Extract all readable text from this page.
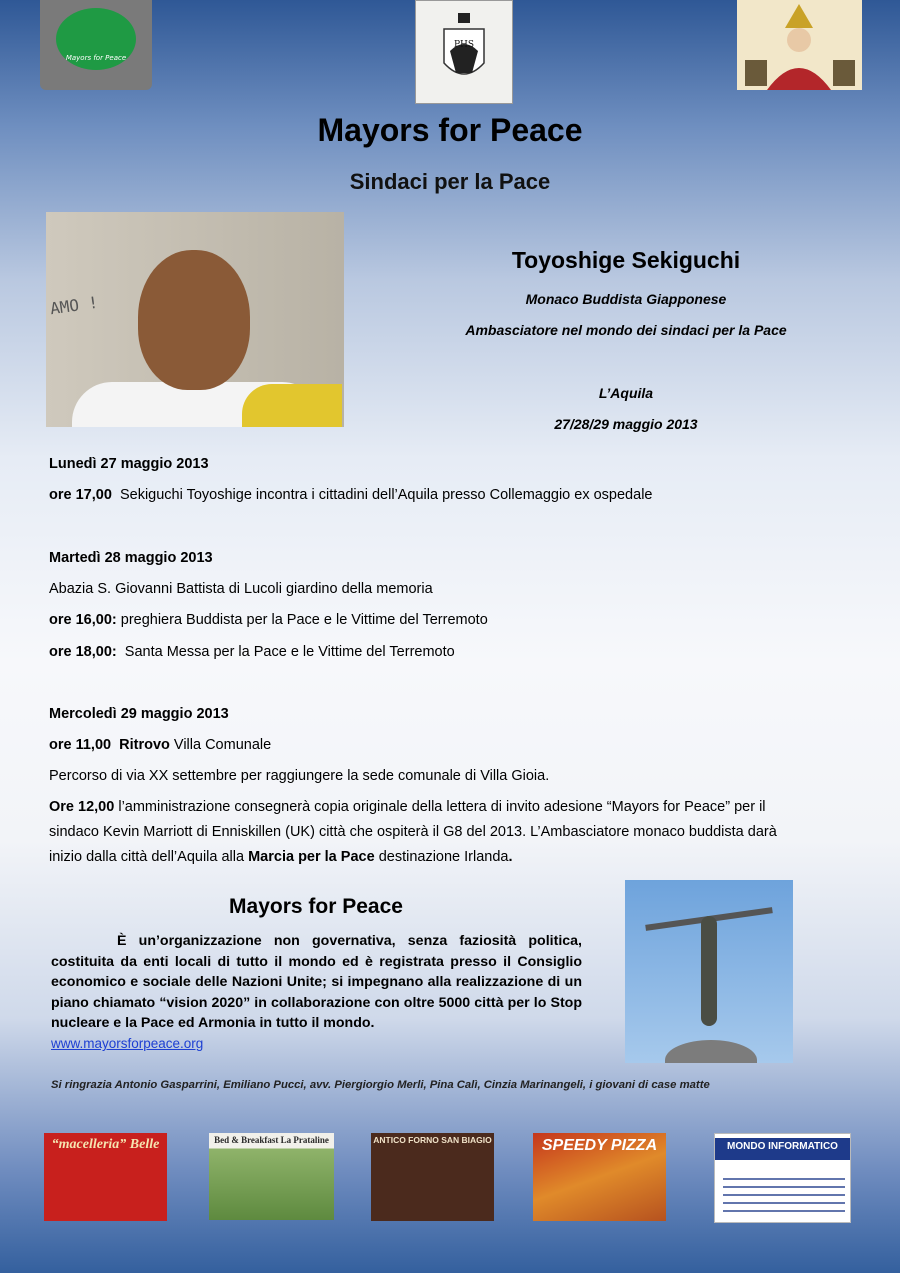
Mayors for Peace
PHS
Mayors for Peace
Sindaci per la Pace
AMO !
Toyoshige Sekiguchi
Monaco Buddista Giapponese
Ambasciatore nel mondo dei sindaci per la Pace
L’Aquila
27/28/29 maggio 2013
Lunedì 27 maggio 2013
ore 17,00 Sekiguchi Toyoshige incontra i cittadini dell’Aquila presso Collemaggio ex ospedale
Martedì 28 maggio 2013
Abazia S. Giovanni Battista di Lucoli giardino della memoria
ore 16,00: preghiera Buddista per la Pace e le Vittime del Terremoto
ore 18,00: Santa Messa per la Pace e le Vittime del Terremoto
Mercoledì 29 maggio 2013
ore 11,00 Ritrovo Villa Comunale
Percorso di via XX settembre per raggiungere la sede comunale di Villa Gioia.
Ore 12,00 l’amministrazione consegnerà copia originale della lettera di invito adesione “Mayors for Peace” per il
sindaco Kevin Marriott di Enniskillen (UK) città che ospiterà il G8 del 2013. L’Ambasciatore monaco buddista darà
inizio dalla città dell’Aquila alla Marcia per la Pace destinazione Irlanda.
Mayors for Peace
È un’organizzazione non governativa, senza faziosità politica, costituita da enti locali di tutto il mondo ed è registrata presso il Consiglio economico e sociale delle Nazioni Unite; si impegnano alla realizzazione di un piano chiamato “vision 2020” in collaborazione con oltre 5000 città per lo Stop nucleare e la Pace ed Armonia in tutto il mondo.
www.mayorsforpeace.org
Si ringrazia Antonio Gasparrini, Emiliano Pucci, avv. Piergiorgio Merli, Pina Calì, Cinzia Marinangeli, i giovani di case matte
“macelleria” Belle	Bed & Breakfast La Prataline	ANTICO FORNO SAN BIAGIO	SPEEDY PIZZA	MONDO INFORMATICO
